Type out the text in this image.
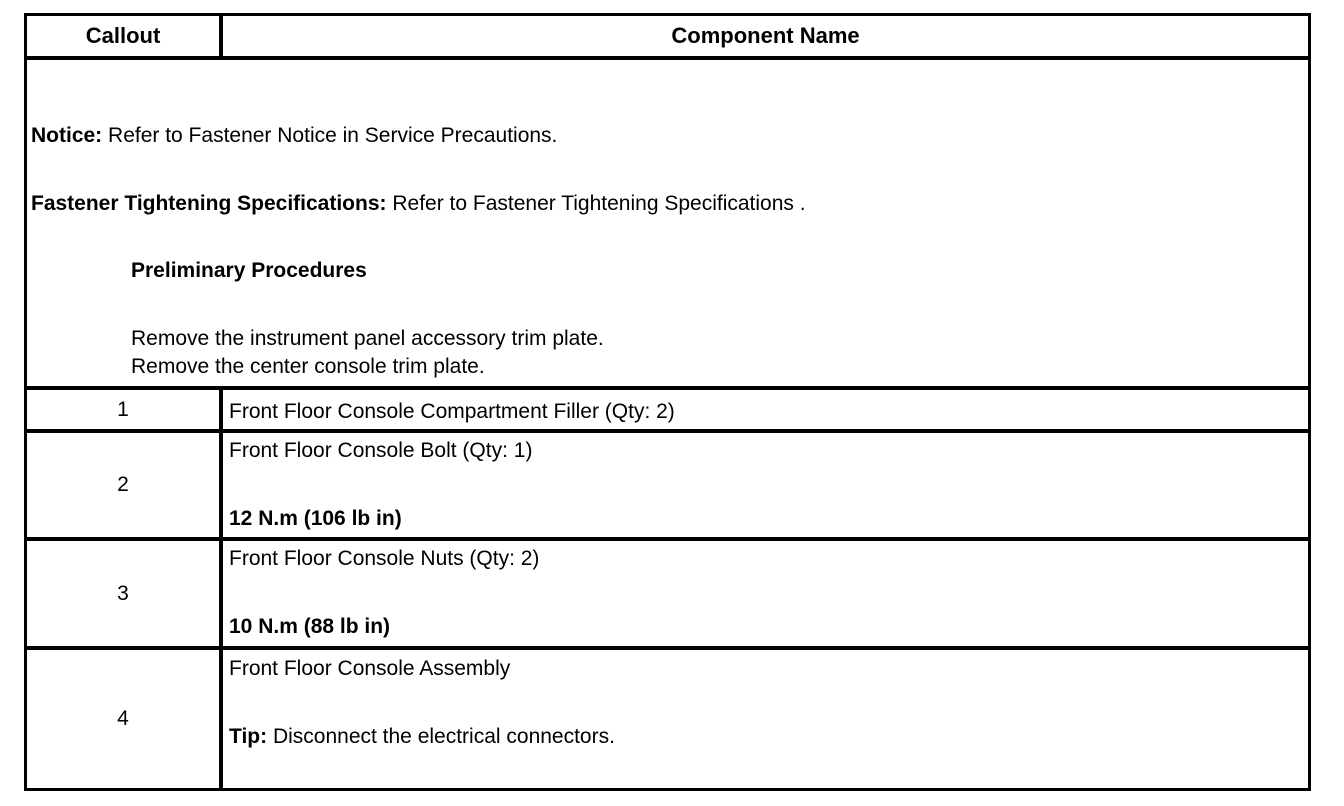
Callout	Component Name
Notice: Refer to Fastener Notice in Service Precautions.
Fastener Tightening Specifications: Refer to Fastener Tightening Specifications .
Preliminary Procedures
Remove the instrument panel accessory trim plate.
Remove the center console trim plate.
1	Front Floor Console Compartment Filler (Qty: 2)
2
Front Floor Console Bolt (Qty: 1)
12 N.m (106 lb in)
3
Front Floor Console Nuts (Qty: 2)
10 N.m (88 lb in)
4
Front Floor Console Assembly
Tip: Disconnect the electrical connectors.
